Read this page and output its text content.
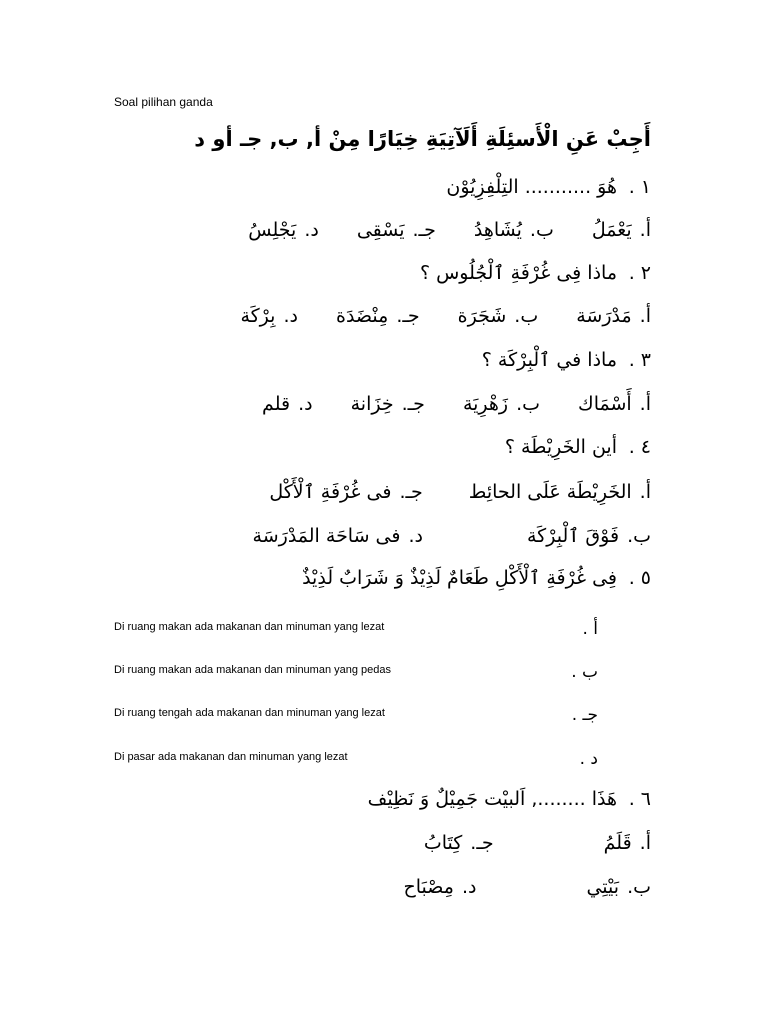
Soal pilihan ganda
أَجِبْ عَنِ الْأَسئِلَةِ أَلَآتِيَةِ خِيَارًا مِنْ أ, ب, جـ أو د
١ .
هُوَ ........... التِلْفِزِيُوْن
أ.
يَعْمَلُ
ب.
يُشَاهِدُ
جـ.
يَسْقِى
د.
يَجْلِسُ
٢ .
ماذا فِى غُرْفَةِ ٱلْجُلُوس ؟
أ.
مَدْرَسَة
ب.
شَجَرَة
جـ.
مِنْضَدَة
د.
بِرْكَة
٣ .
ماذا في ٱلْبِرْكَة ؟
أ.
أَسْمَاك
ب.
زَهْرِيَة
جـ.
خِزَانة
د.
قلم
٤ .
أين الخَرِيْطَة ؟
أ.
الخَرِيْطَة عَلَى الحائِط
جـ.
فى غُرْفَةِ ٱلْأَكْل
ب.
فَوْقَ ٱلْبِرْكَة
د.
فى سَاحَة المَدْرَسَة
٥ .
فِى غُرْفَةِ ٱلْأَكْلِ طَعَامٌ لَذِيْذٌ وَ شَرَابٌ لَذِيْذٌ
Di ruang makan ada makanan dan minuman yang lezat	أ .
Di ruang makan ada makanan dan minuman yang pedas	ب .
Di ruang tengah ada makanan dan minuman yang lezat	جـ .
Di pasar ada makanan dan minuman yang lezat	د .
٦ .
هَذَا ........, اَلبيْت جَمِيْلٌ وَ نَظِيْف
أ.
قَلَمُ
جـ.
كِتَابُ
ب.
بَيْتِي
د.
مِصْبَاح
